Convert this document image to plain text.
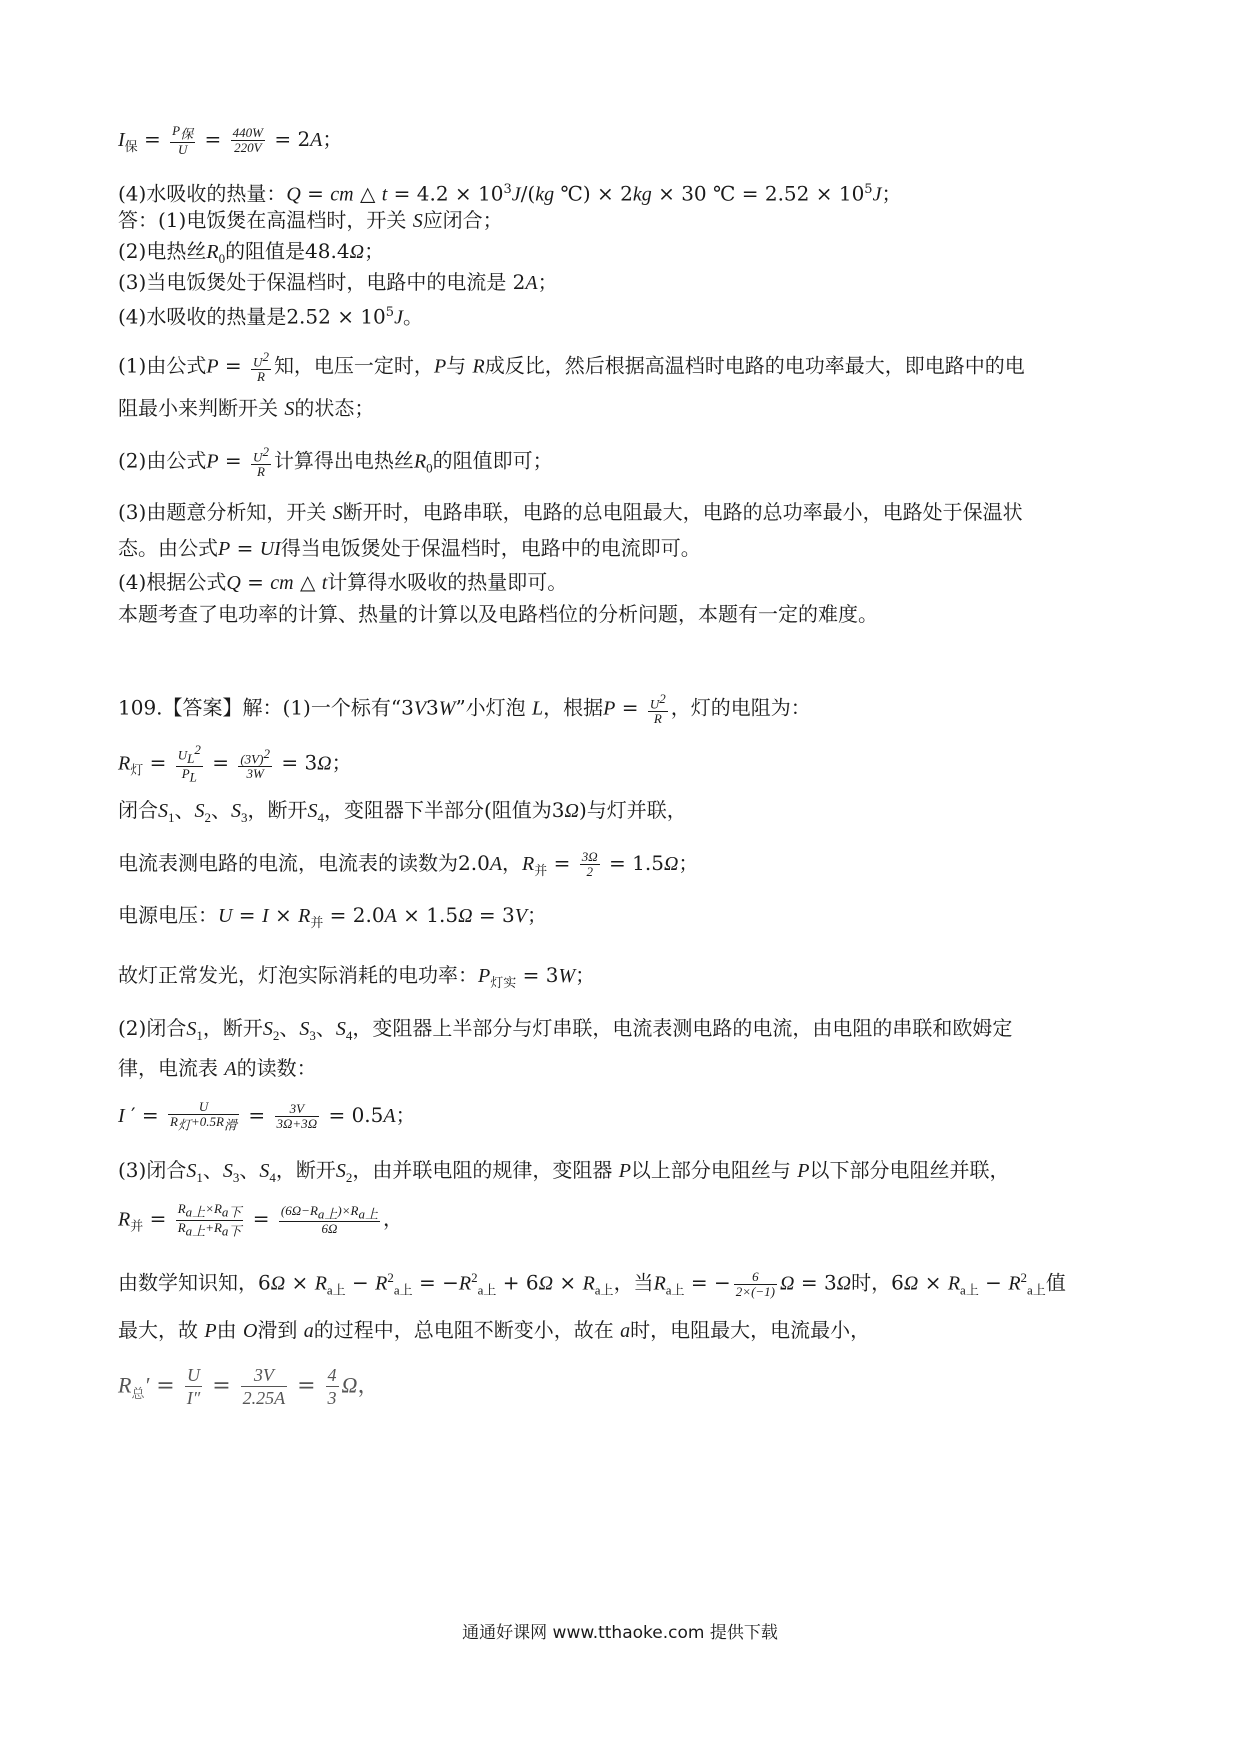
$I_保 = \frac{P_保}{U} = \frac{440W}{220V} = 2A$；
(4)水吸收的热量：Q = cm △ $t = 4.2 \times 10^3J/(kg$ ℃) × 2kg × 30 ℃ = $2.52 \times 10^5J$；
答：(1)电饭煲在高温档时，开关 S应闭合；
(2)电热丝$R_0$的阻值是48.4Ω；
(3)当电饭煲处于保温档时，电路中的电流是 2A；
(4)水吸收的热量是$2.52 \times 10^5J$。
(1)由公式$P = \frac{U^2}{R}$ 知，电压一定时，P与 R成反比，然后根据高温档时电路的电功率最大，即电路中的电
阻最小来判断开关 S的状态；
(2)由公式$P = \frac{U^2}{R}$ 计算得出电热丝$R_0$的阻值即可；
(3)由题意分析知，开关 S断开时，电路串联，电路的总电阻最大，电路的总功率最小，电路处于保温状
态。由公式P = UI得当电饭煲处于保温档时，电路中的电流即可。
(4)根据公式Q = cm △ t计算得水吸收的热量即可。
本题考查了电功率的计算、热量的计算以及电路档位的分析问题，本题有一定的难度。
109.【答案】解：(1)一个标有“3V3W”小灯泡 L，根据$P = \frac{U^2}{R}$ ，灯的电阻为：
$R_灯 = \frac{U_L^2}{P_L} = \frac{(3V)^2}{3W} = 3\Omega$；
闭合$S_1$、$S_2$、$S_3$，断开$S_4$，变阻器下半部分(阻值为3Ω)与灯并联，
电流表测电路的电流，电流表的读数为2.0A，$R_并 = \frac{3\Omega}{2} = 1.5\Omega$；
电源电压：$U = I \times R_并 = 2.0A \times 1.5\Omega = 3V$；
故灯正常发光，灯泡实际消耗的电功率：$P_{灯实} = 3W$；
(2)闭合$S_1$，断开$S_2$、$S_3$、$S_4$，变阻器上半部分与灯串联，电流表测电路的电流，由电阻的串联和欧姆定
律，电流表 A的读数：
I ′ = $\frac{U}{R_灯+0.5R_滑} = \frac{3V}{3\Omega+3\Omega} = 0.5A$；
(3)闭合$S_1$、$S_3$、$S_4$，断开$S_2$，由并联电阻的规律，变阻器 P以上部分电阻丝与 P以下部分电阻丝并联，
$R_并 = \frac{R_{a上}\times R_{a下}}{R_{a上}+R_{a下}} = \frac{(6\Omega-R_{a上})\times R_{a上}}{6\Omega}$ ，
由数学知识知，$6\Omega \times R_{a上} - R^2_{a上} = -R^2_{a上} + 6\Omega \times R_{a上}$，当$R_{a上}$ = − $\frac{6}{2\times(-1)}$ Ω = 3Ω时，$6\Omega \times R_{a上} - R^2_{a上}$值
最大，故 P由 O滑到 a的过程中，总电阻不断变小，故在 a时，电阻最大，电流最小，
$R_总' = \frac{U}{I''} = \frac{3V}{2.25A} = \frac{4}{3}$ Ω，
通通好课网 www.tthaoke.com 提供下载
